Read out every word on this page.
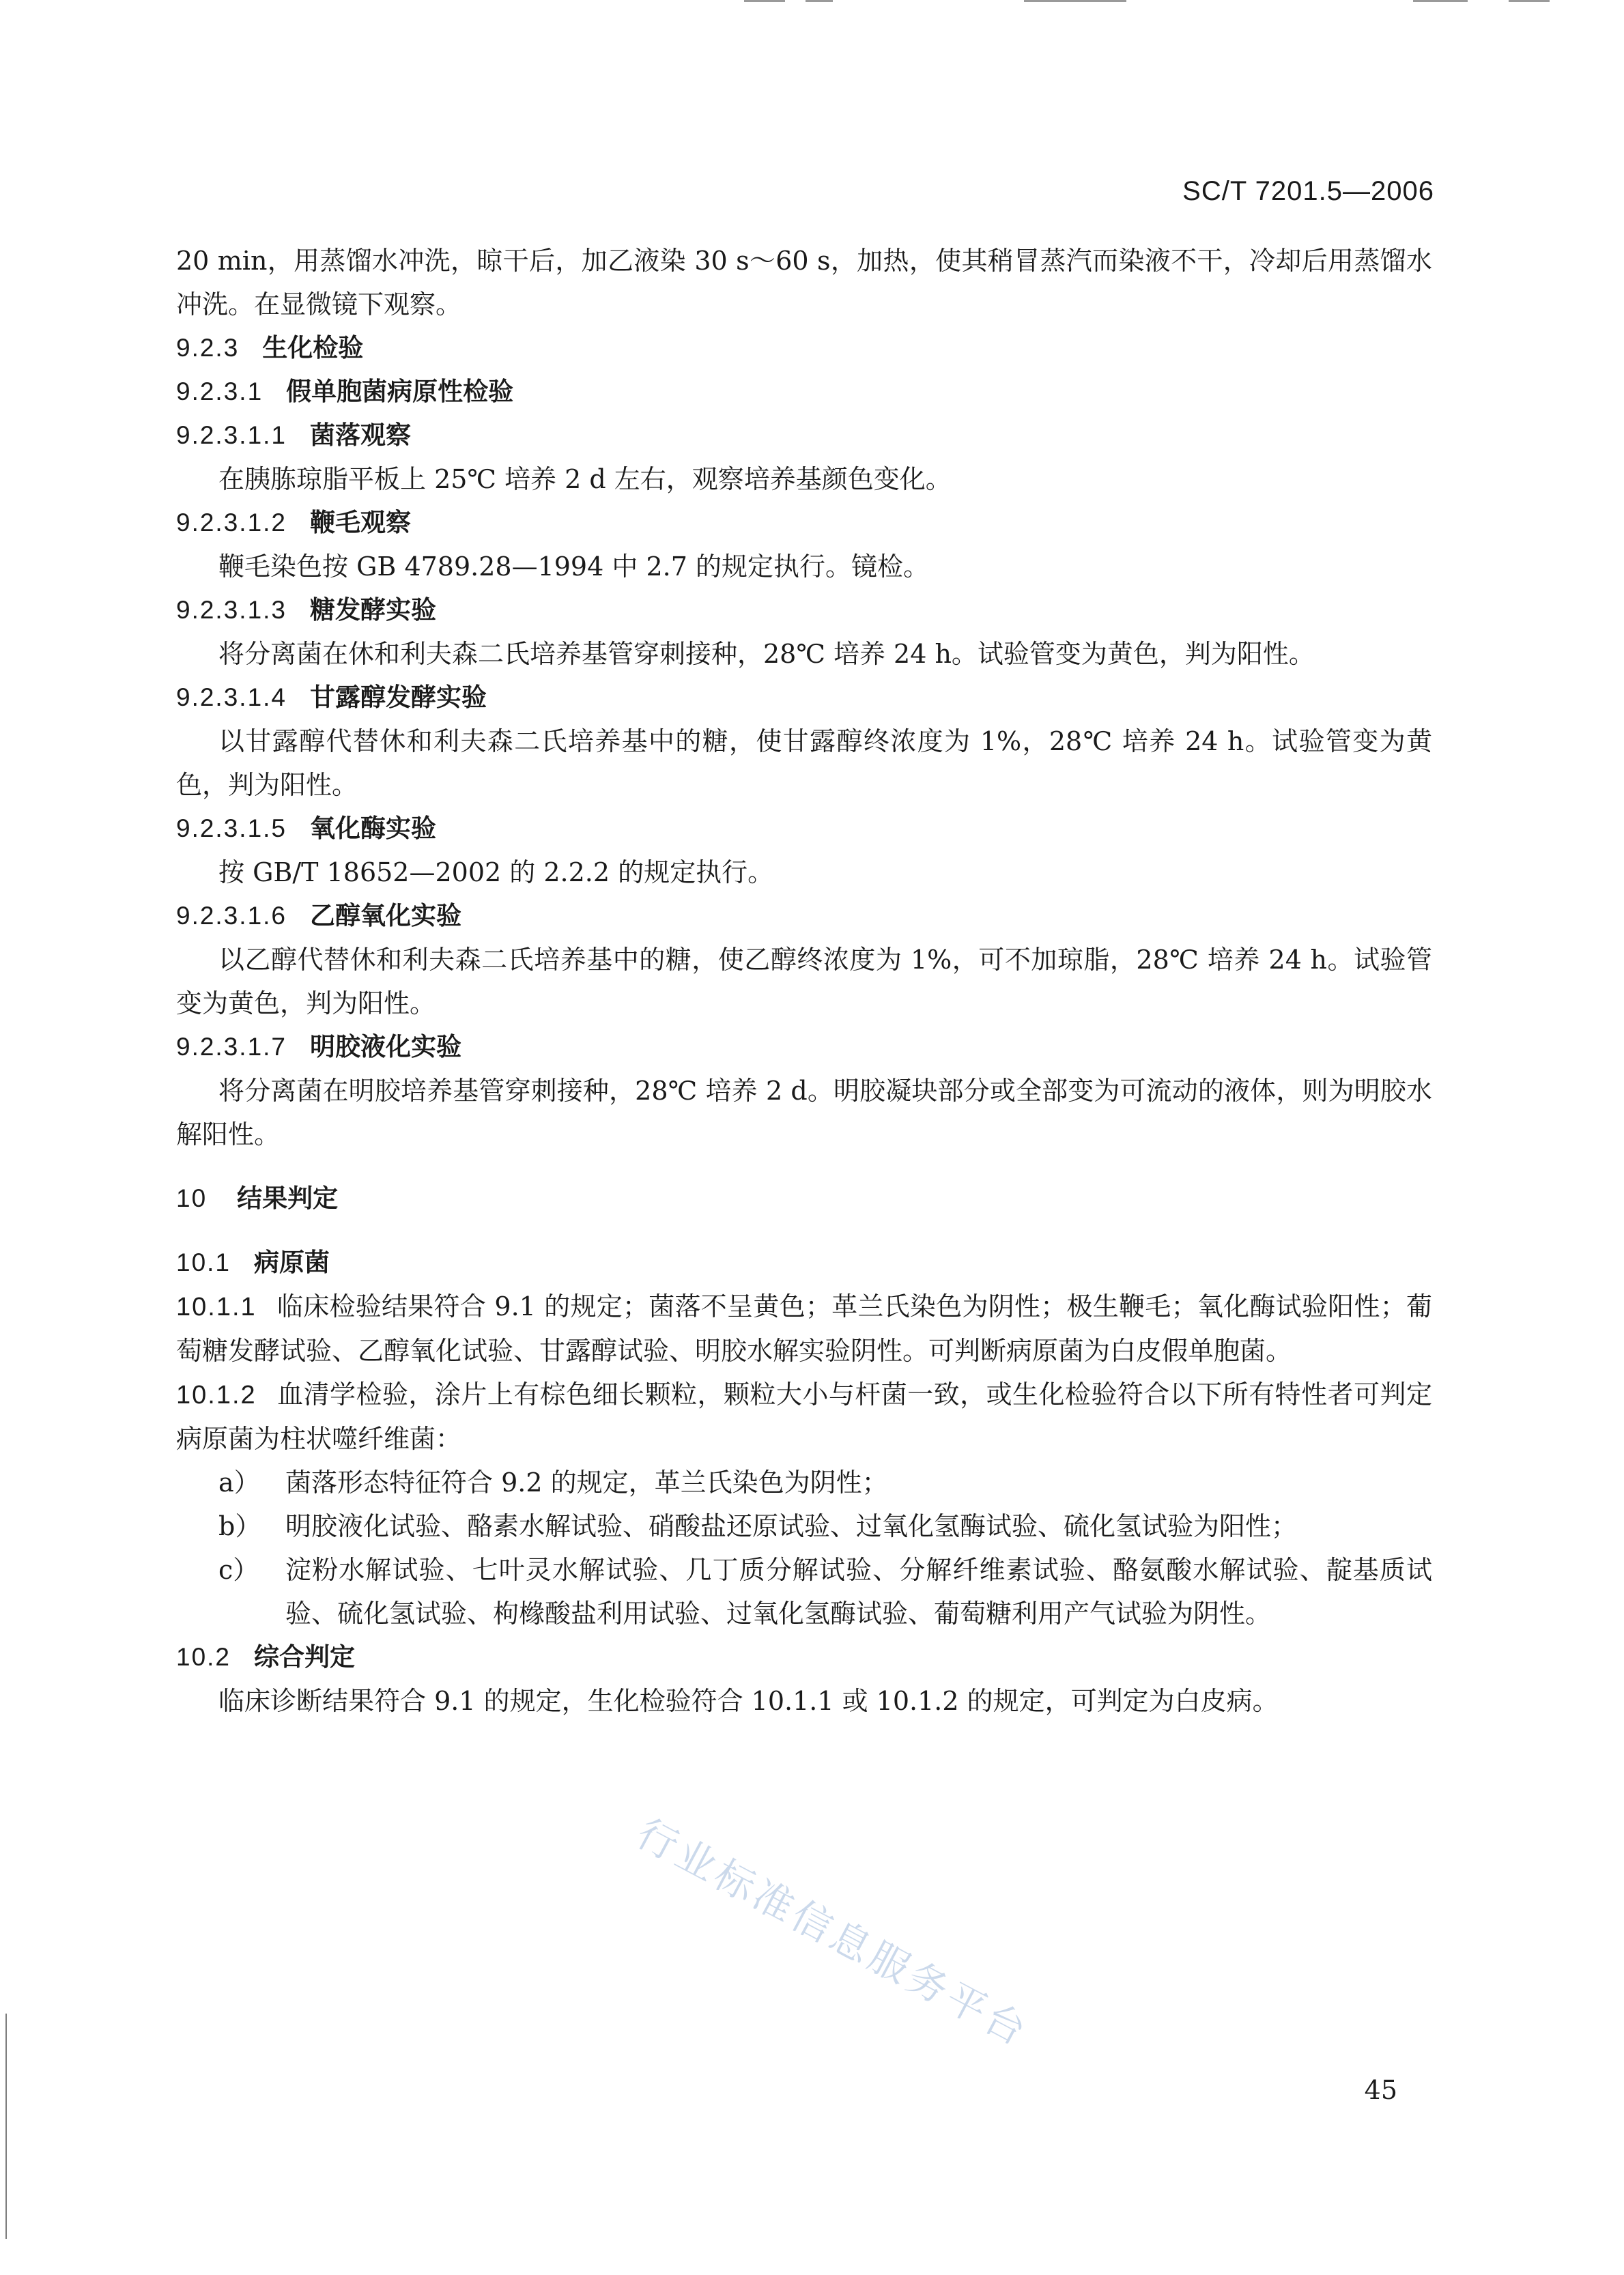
SC/T 7201.5—2006

20 min，用蒸馏水冲洗，晾干后，加乙液染 30 s～60 s，加热，使其稍冒蒸汽而染液不干，冷却后用蒸馏水冲洗。在显微镜下观察。

9.2.3 生化检验

9.2.3.1 假单胞菌病原性检验

9.2.3.1.1 菌落观察

在胰胨琼脂平板上 25℃ 培养 2 d 左右，观察培养基颜色变化。

9.2.3.1.2 鞭毛观察

鞭毛染色按 GB 4789.28—1994 中 2.7 的规定执行。镜检。

9.2.3.1.3 糖发酵实验

将分离菌在休和利夫森二氏培养基管穿刺接种，28℃ 培养 24 h。试验管变为黄色，判为阳性。

9.2.3.1.4 甘露醇发酵实验

以甘露醇代替休和利夫森二氏培养基中的糖，使甘露醇终浓度为 1%，28℃ 培养 24 h。试验管变为黄色，判为阳性。

9.2.3.1.5 氧化酶实验

按 GB/T 18652—2002 的 2.2.2 的规定执行。

9.2.3.1.6 乙醇氧化实验

以乙醇代替休和利夫森二氏培养基中的糖，使乙醇终浓度为 1%，可不加琼脂，28℃ 培养 24 h。试验管变为黄色，判为阳性。

9.2.3.1.7 明胶液化实验

将分离菌在明胶培养基管穿刺接种，28℃ 培养 2 d。明胶凝块部分或全部变为可流动的液体，则为明胶水解阳性。

10 结果判定

10.1 病原菌

10.1.1 临床检验结果符合 9.1 的规定；菌落不呈黄色；革兰氏染色为阴性；极生鞭毛；氧化酶试验阳性；葡萄糖发酵试验、乙醇氧化试验、甘露醇试验、明胶水解实验阴性。可判断病原菌为白皮假单胞菌。

10.1.2 血清学检验，涂片上有棕色细长颗粒，颗粒大小与杆菌一致，或生化检验符合以下所有特性者可判定病原菌为柱状噬纤维菌：

a） 菌落形态特征符合 9.2 的规定，革兰氏染色为阴性；

b） 明胶液化试验、酪素水解试验、硝酸盐还原试验、过氧化氢酶试验、硫化氢试验为阳性；

c） 淀粉水解试验、七叶灵水解试验、几丁质分解试验、分解纤维素试验、酪氨酸水解试验、靛基质试验、硫化氢试验、枸橼酸盐利用试验、过氧化氢酶试验、葡萄糖利用产气试验为阴性。

10.2 综合判定

临床诊断结果符合 9.1 的规定，生化检验符合 10.1.1 或 10.1.2 的规定，可判定为白皮病。

行业标准信息服务平台
45
